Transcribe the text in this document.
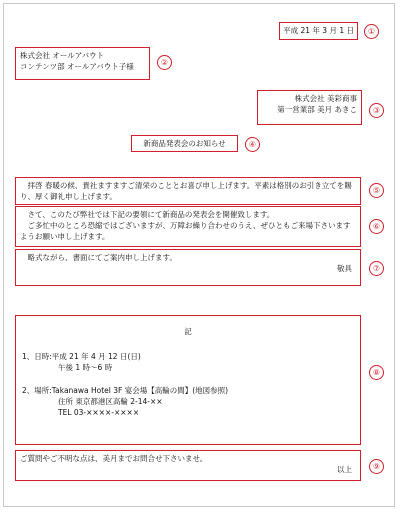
平成 21 年 3 月 1 日	①
株式会社 オールアバウト
コンテンツ部 オールアバウト子様	②
株式会社 美彩商事
第一営業部 美月 あきこ	③
新商品発表会のお知らせ	④
拝啓 春暖の候、貴社ますますご清栄のこととお喜び申し上げます。平素は格別のお引き立てを賜り、厚く御礼申し上げます。
⑤
さて、このたび弊社では下記の要領にて新商品の発表会を開催致します。
ご多忙中のところ恐縮ではございますが、万障お繰り合わせのうえ、ぜひともご来場下さいますようお願い申し上げます。
⑥
略式ながら、書面にてご案内申し上げます。
敬具	⑦
記
1、日時:平成 21 年 4 月 12 日(日)
午後 1 時～6 時
2、場所:Takanawa Hotel 3F 宴会場【高輪の間】(地図参照)
住所 東京都港区高輪 2-14-××
TEL 03-××××-××××
⑧
ご質問やご不明な点は、美月までお問合せ下さいませ。
以上	⑨
